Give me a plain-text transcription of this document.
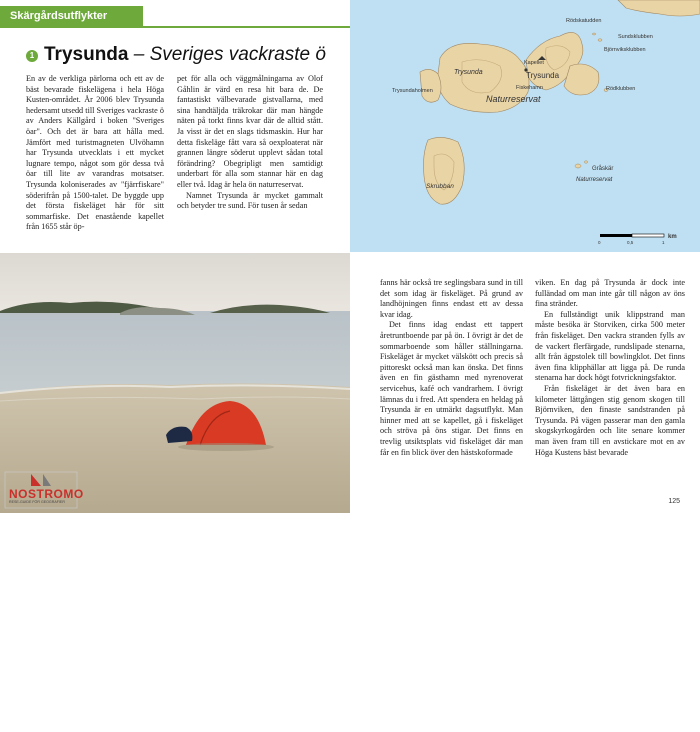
Skärgårdsutflykter
1 Trysunda – Sveriges vackraste ö

En av de verkliga pärlorna och ett av de bäst bevarade fiskelägena i hela Höga Kusten-området. År 2006 blev Trysunda hedersamt utsedd till Sveriges vackraste ö av Anders Källgård i boken "Sveriges öar". Och det är bara att hålla med. Jämfört med turistmagneten Ulvöhamn har Trysunda utvecklats i ett mycket lugnare tempo, något som gör dessa två öar till lite av varandras motsatser. Trysunda koloniserades av "fjärrfiskare" söderifrån på 1500-talet. De byggde upp det första fiskeläget här för sitt sommarfiske. Det enastående kapellet från 1655 står öp-

pet för alla och väggmålningarna av Olof Gåhlin är värd en resa hit bara de. De fantastiskt välbevarade gistvallarna, med sina handtäljda träkrokar där man hängde näten på torkt finns kvar där de alltid stått. Ja visst är det en slags tidsmaskin. Hur har detta fiskeläge fått vara så oexploaterat när grannen längre söderut upplevt sådan total förändring? Obegripligt men samtidigt underbart för alla som stannar här en dag eller två. Idag är hela ön naturreservat.

Namnet Trysunda är mycket gammalt och betyder tre sund. För tusen år sedan

Ensam i tält vid Björnvikens vita sandstrand.
NOSTROMO
RESE-GUIDE FÖR GEOGRAFIER
Rödskatudden
Sundsklubben
Björnviksklubben
Kapellet
Trysunda	Trysunda
Fiskehamn
Trysundaholmen
Naturreservat
Rödklubben
Gråskär
Naturreservat
Skrubban
0	0,5	1
km

fanns här också tre seglingsbara sund in till det som idag är fiskeläget. På grund av landhöjningen finns endast ett av dessa kvar idag.

Det finns idag endast ett tappert åretruntboende par på ön. I övrigt är det de sommarboende som håller ställningarna. Fiskeläget är mycket välskött och precis så pittoreskt också man kan önska. Det finns även en fin gästhamn med nyrenoverat servicehus, kafé och vandrarhem. I övrigt lämnas du i fred. Att spendera en heldag på Trysunda är en utmärkt dagsutflykt. Man hinner med att se kapellet, gå i fiskeläget och ströva på öns stigar. Det finns en trevlig utsiktsplats vid fiskeläget där man får en fin blick över den hästskoformade

viken. En dag på Trysunda är dock inte fulländad om man inte går till någon av öns fina stränder.

En fullständigt unik klippstrand man måste besöka är Storviken, cirka 500 meter från fiskeläget. Den vackra stranden fylls av de vackert flerfärgade, rundslipade stenarna, allt från ägpstolek till bowlingklot. Det finns även fina klipphällar att ligga på. De runda stenarna har dock högt fotvrickningsfaktor.

Från fiskeläget är det även bara en kilometer lättgången stig genom skogen till Björnviken, den finaste sandstranden på Trysunda. På vägen passerar man den gamla skogskyrkogården och lite senare kommer man även fram till en avstickare mot en av Höga Kustens bäst bevarade

125
